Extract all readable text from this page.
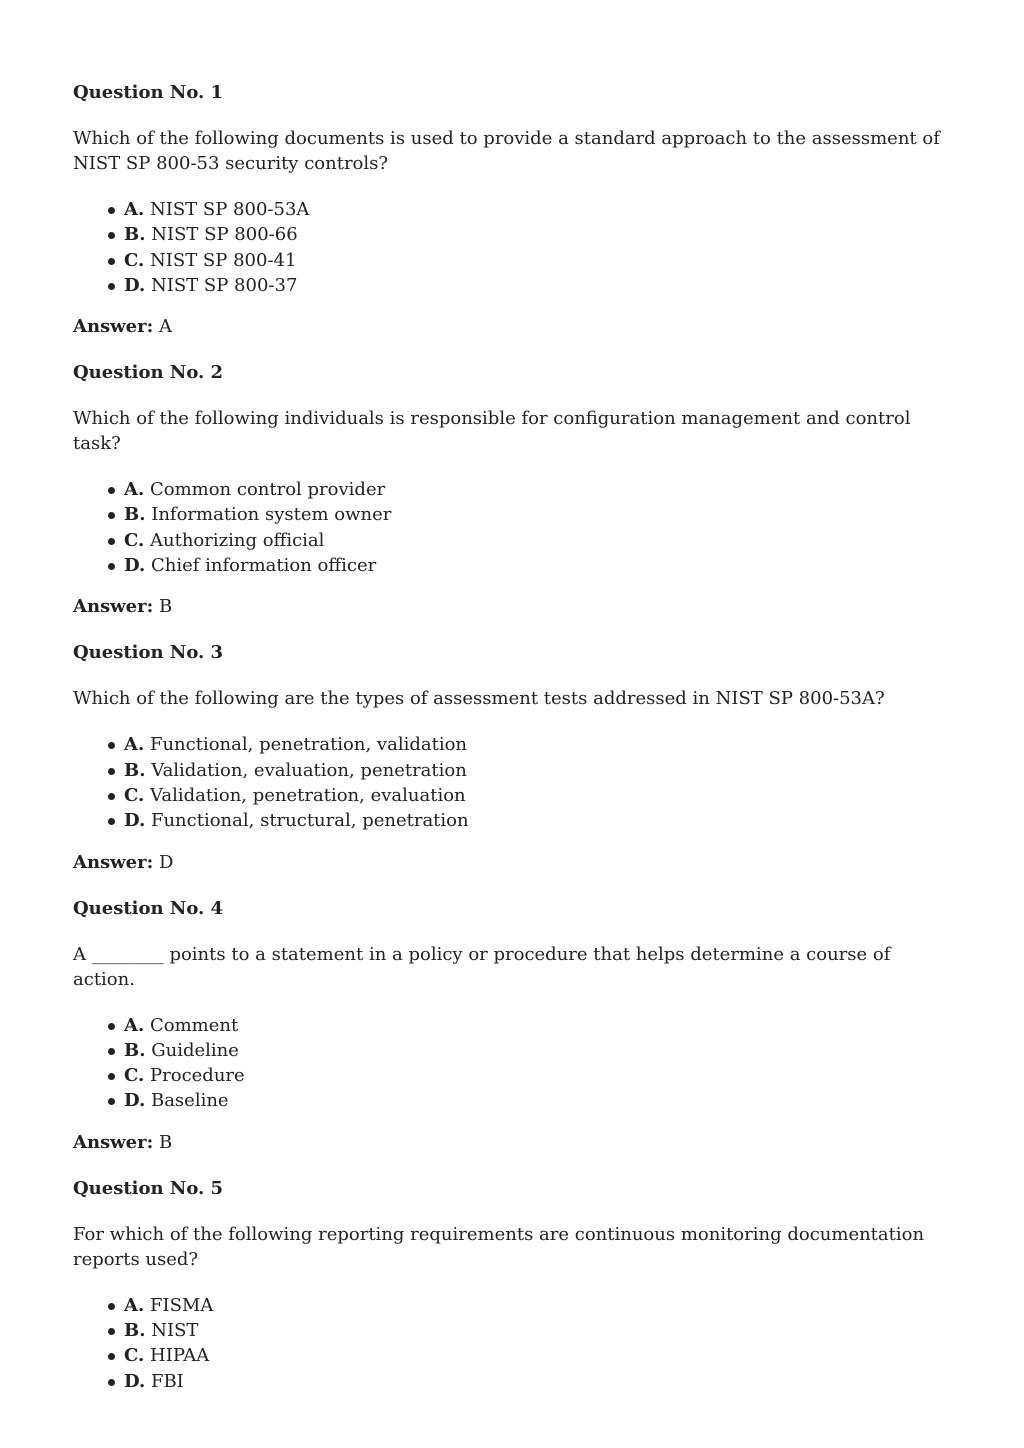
Question No. 1
Which of the following documents is used to provide a standard approach to the assessment of NIST SP 800-53 security controls?
A. NIST SP 800-53A
B. NIST SP 800-66
C. NIST SP 800-41
D. NIST SP 800-37
Answer: A
Question No. 2
Which of the following individuals is responsible for configuration management and control task?
A. Common control provider
B. Information system owner
C. Authorizing official
D. Chief information officer
Answer: B
Question No. 3
Which of the following are the types of assessment tests addressed in NIST SP 800-53A?
A. Functional, penetration, validation
B. Validation, evaluation, penetration
C. Validation, penetration, evaluation
D. Functional, structural, penetration
Answer: D
Question No. 4
A ________ points to a statement in a policy or procedure that helps determine a course of action.
A. Comment
B. Guideline
C. Procedure
D. Baseline
Answer: B
Question No. 5
For which of the following reporting requirements are continuous monitoring documentation reports used?
A. FISMA
B. NIST
C. HIPAA
D. FBI
